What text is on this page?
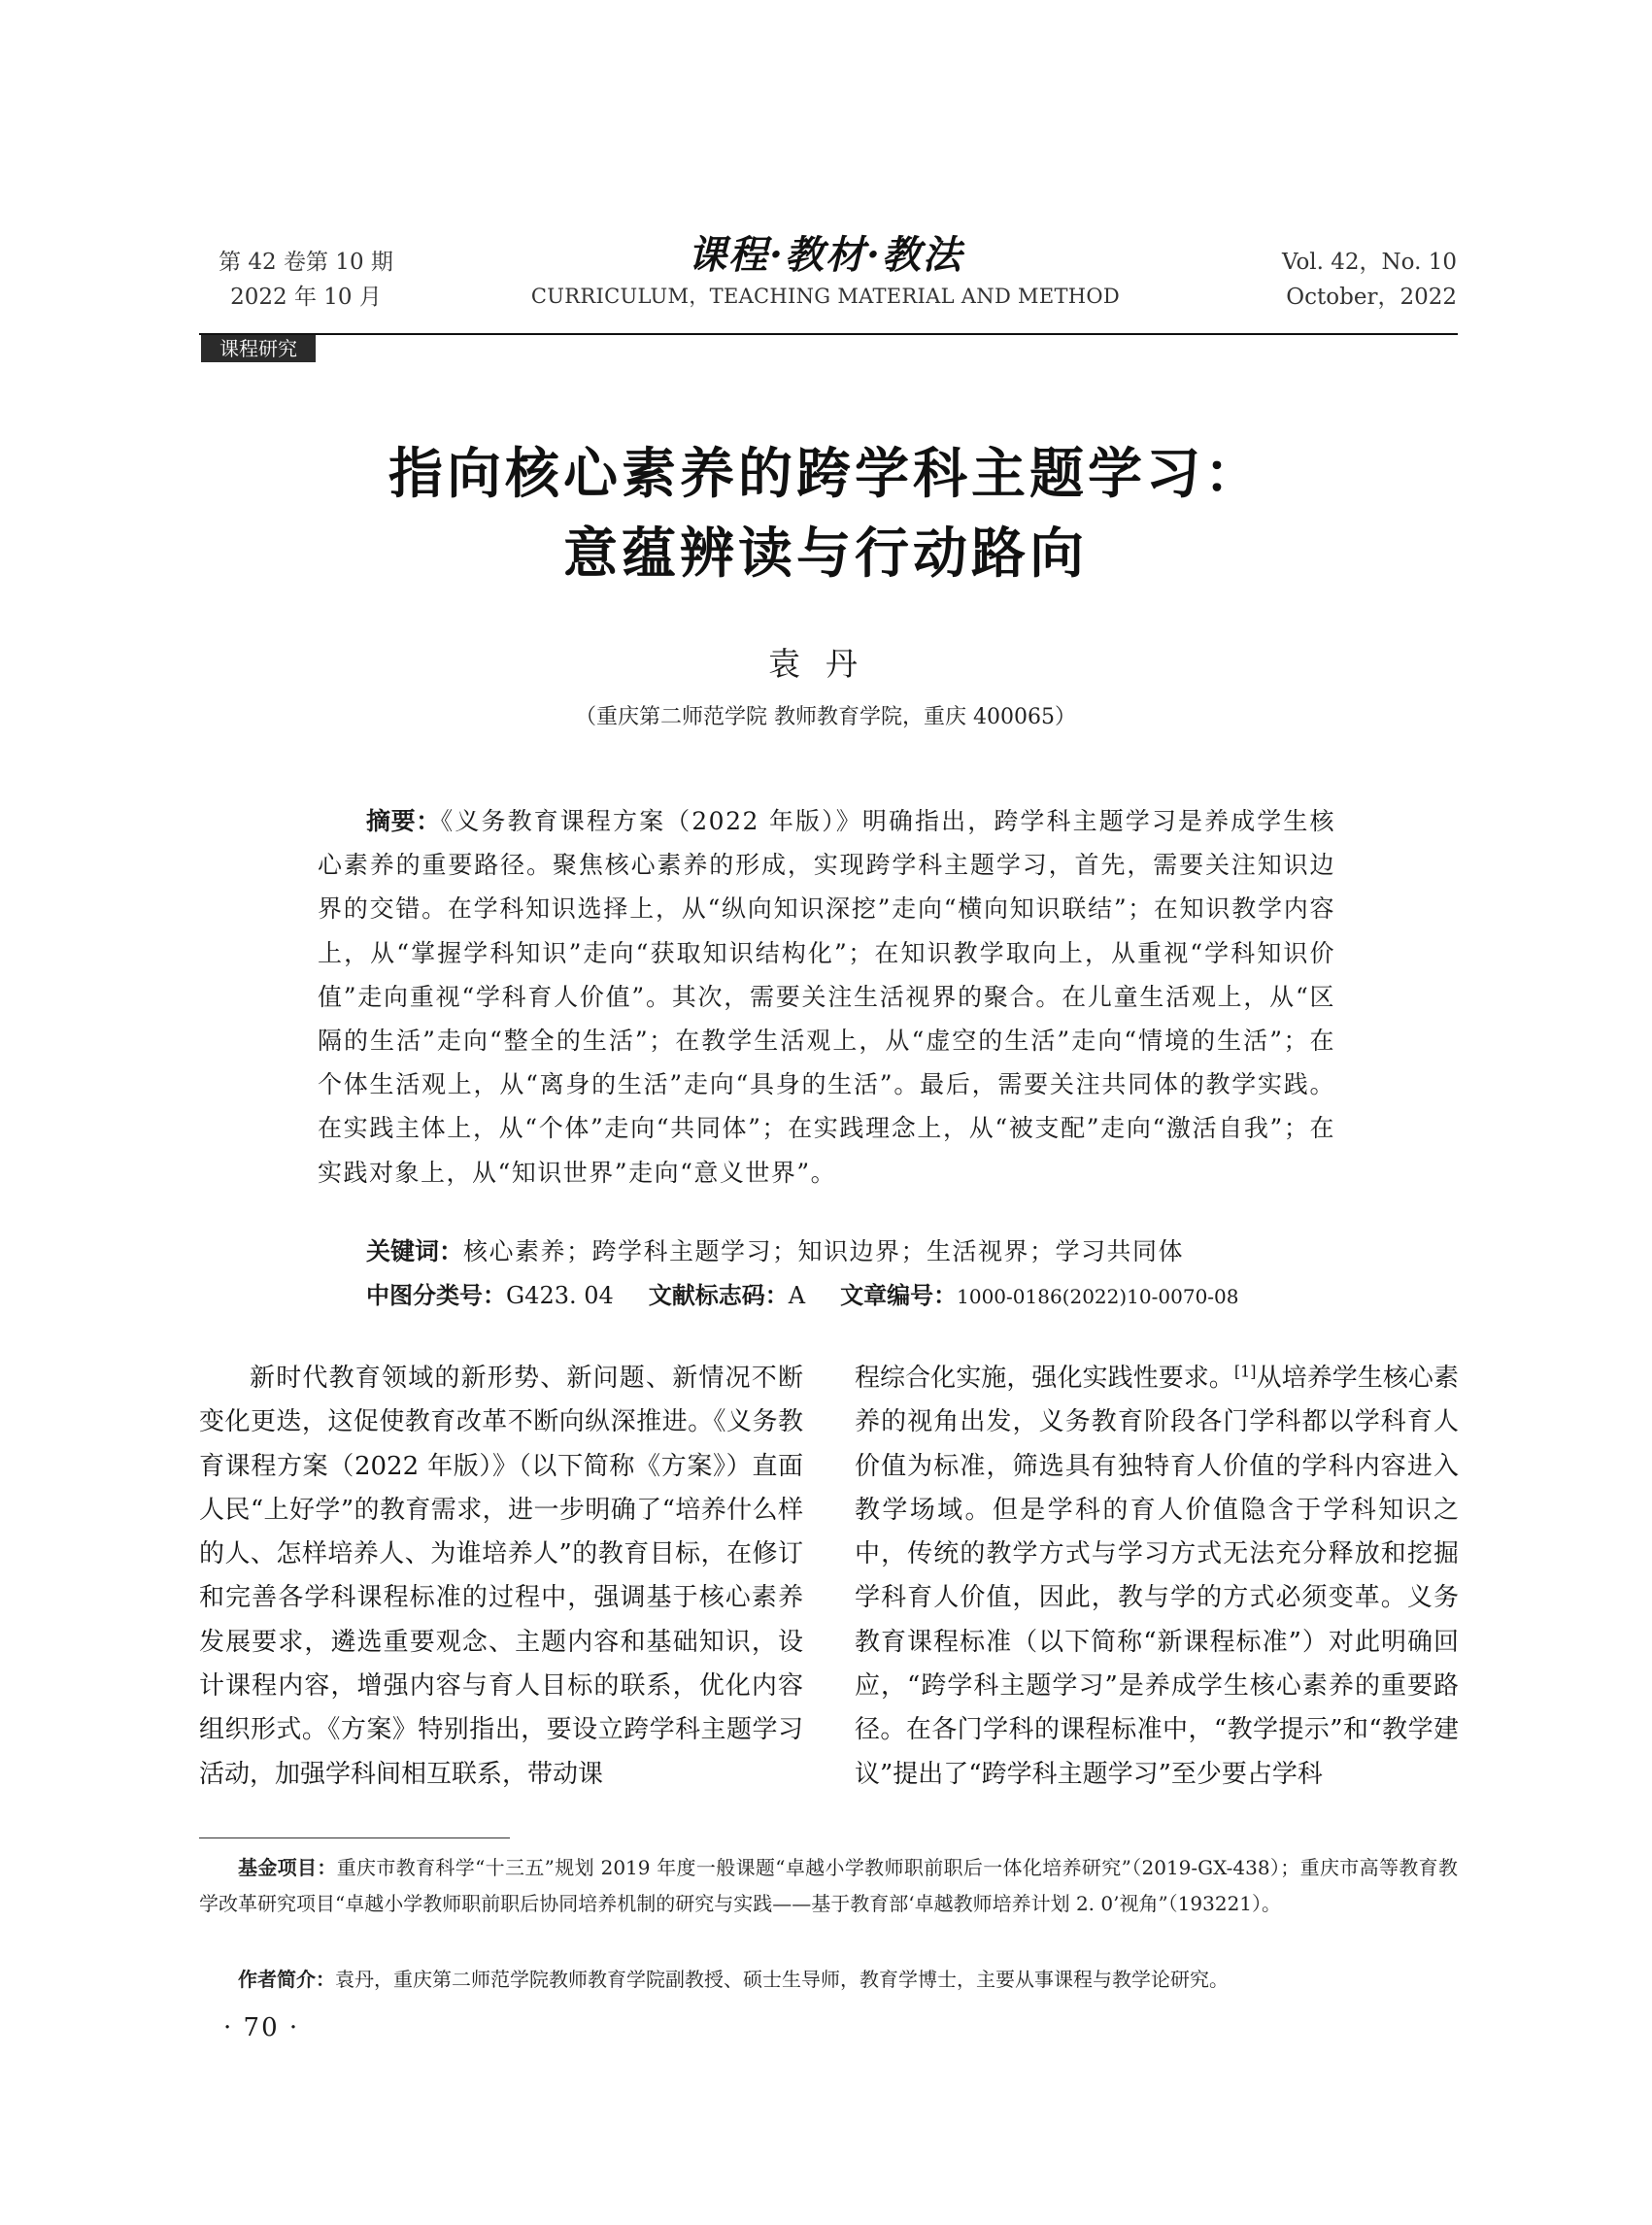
第 42 卷第 10 期
2022 年 10 月
课程·教材·教法
CURRICULUM，TEACHING MATERIAL AND METHOD
Vol. 42，No. 10
October，2022
课程研究
指向核心素养的跨学科主题学习：
意蕴辨读与行动路向
袁丹
（重庆第二师范学院 教师教育学院，重庆 400065）
摘要：《义务教育课程方案（2022 年版）》明确指出，跨学科主题学习是养成学生核心素养的重要路径。聚焦核心素养的形成，实现跨学科主题学习，首先，需要关注知识边界的交错。在学科知识选择上，从“纵向知识深挖”走向“横向知识联结”；在知识教学内容上，从“掌握学科知识”走向“获取知识结构化”；在知识教学取向上，从重视“学科知识价值”走向重视“学科育人价值”。其次，需要关注生活视界的聚合。在儿童生活观上，从“区隔的生活”走向“整全的生活”；在教学生活观上，从“虚空的生活”走向“情境的生活”；在个体生活观上，从“离身的生活”走向“具身的生活”。最后，需要关注共同体的教学实践。在实践主体上，从“个体”走向“共同体”；在实践理念上，从“被支配”走向“激活自我”；在实践对象上，从“知识世界”走向“意义世界”。
关键词：核心素养；跨学科主题学习；知识边界；生活视界；学习共同体
中图分类号：G423. 04 文献标志码：A 文章编号：1000-0186(2022)10-0070-08

新时代教育领域的新形势、新问题、新情况不断变化更迭，这促使教育改革不断向纵深推进。《义务教育课程方案（2022 年版）》（以下简称《方案》）直面人民“上好学”的教育需求，进一步明确了“培养什么样的人、怎样培养人、为谁培养人”的教育目标，在修订和完善各学科课程标准的过程中，强调基于核心素养发展要求，遴选重要观念、主题内容和基础知识，设计课程内容，增强内容与育人目标的联系，优化内容组织形式。《方案》特别指出，要设立跨学科主题学习活动，加强学科间相互联系，带动课

程综合化实施，强化实践性要求。[1]从培养学生核心素养的视角出发，义务教育阶段各门学科都以学科育人价值为标准，筛选具有独特育人价值的学科内容进入教学场域。但是学科的育人价值隐含于学科知识之中，传统的教学方式与学习方式无法充分释放和挖掘学科育人价值，因此，教与学的方式必须变革。义务教育课程标准（以下简称“新课程标准”）对此明确回应，“跨学科主题学习”是养成学生核心素养的重要路径。在各门学科的课程标准中，“教学提示”和“教学建议”提出了“跨学科主题学习”至少要占学科

基金项目：重庆市教育科学“十三五”规划 2019 年度一般课题“卓越小学教师职前职后一体化培养研究”（2019-GX-438）；重庆市高等教育教学改革研究项目“卓越小学教师职前职后协同培养机制的研究与实践——基于教育部‘卓越教师培养计划 2. 0’视角”（193221）。
作者简介：袁丹，重庆第二师范学院教师教育学院副教授、硕士生导师，教育学博士，主要从事课程与教学论研究。
· 70 ·
